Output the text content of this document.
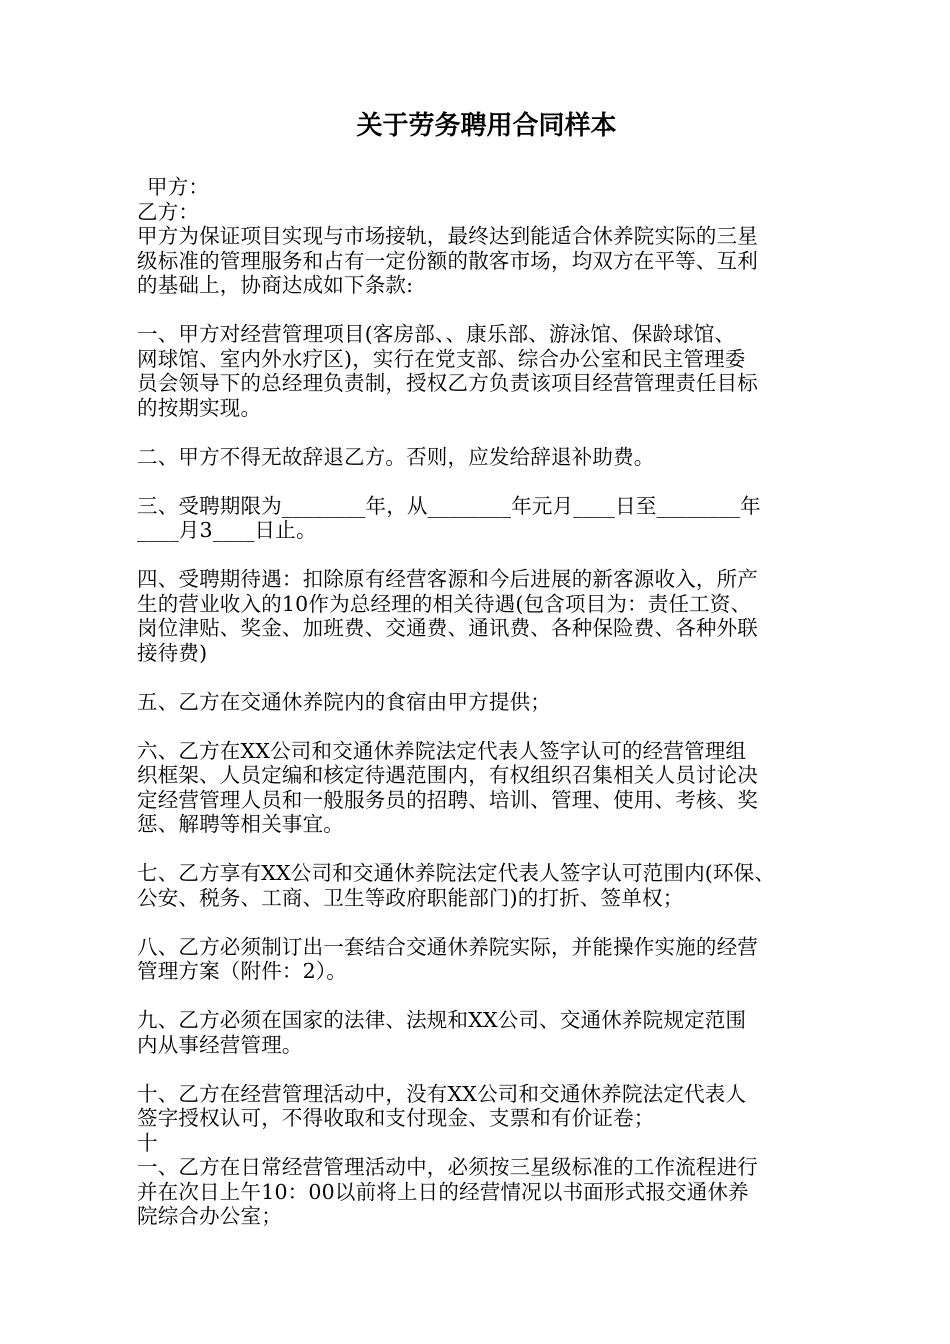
关于劳务聘用合同样本
甲方：
乙方：
甲方为保证项目实现与市场接轨，最终达到能适合休养院实际的三星
级标准的管理服务和占有一定份额的散客市场，均双方在平等、互利
的基础上，协商达成如下条款:
一、甲方对经营管理项目(客房部、、康乐部、游泳馆、保龄球馆、
网球馆、室内外水疗区)，实行在党支部、综合办公室和民主管理委
员会领导下的总经理负责制，授权乙方负责该项目经营管理责任目标
的按期实现。
二、甲方不得无故辞退乙方。否则，应发给辞退补助费。
三、受聘期限为________年，从________年元月____日至________年
____月3____日止。
四、受聘期待遇：扣除原有经营客源和今后进展的新客源收入，所产
生的营业收入的10作为总经理的相关待遇(包含项目为：责任工资、
岗位津贴、奖金、加班费、交通费、通讯费、各种保险费、各种外联
接待费)
五、乙方在交通休养院内的食宿由甲方提供；
六、乙方在XX公司和交通休养院法定代表人签字认可的经营管理组
织框架、人员定编和核定待遇范围内，有权组织召集相关人员讨论决
定经营管理人员和一般服务员的招聘、培训、管理、使用、考核、奖
惩、解聘等相关事宜。
七、乙方享有XX公司和交通休养院法定代表人签字认可范围内(环保、
公安、税务、工商、卫生等政府职能部门)的打折、签单权；
八、乙方必须制订出一套结合交通休养院实际，并能操作实施的经营
管理方案（附件：2）。
九、乙方必须在国家的法律、法规和XX公司、交通休养院规定范围
内从事经营管理。
十、乙方在经营管理活动中，没有XX公司和交通休养院法定代表人
签字授权认可，不得收取和支付现金、支票和有价证卷；
十
一、乙方在日常经营管理活动中，必须按三星级标准的工作流程进行
并在次日上午10：00以前将上日的经营情况以书面形式报交通休养
院综合办公室；
